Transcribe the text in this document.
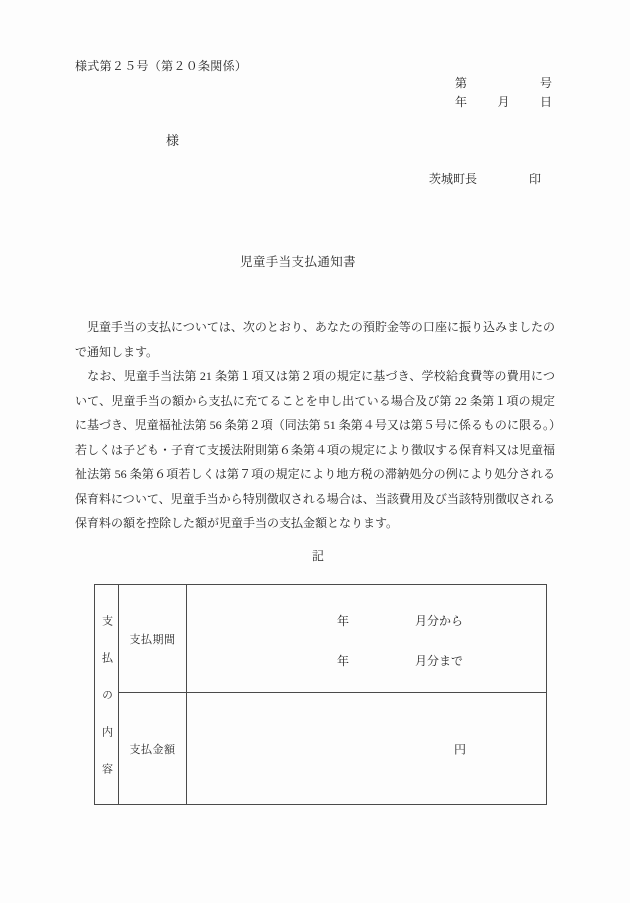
様式第２５号（第２０条関係）
第	号
年	月	日
様
茨城町長	印
児童手当支払通知書

　児童手当の支払については、次のとおり、あなたの預貯金等の口座に振り込みましたので通知します。

　なお、児童手当法第 21 条第１項又は第２項の規定に基づき、学校給食費等の費用について、児童手当の額から支払に充てることを申し出ている場合及び第 22 条第１項の規定に基づき、児童福祉法第 56 条第２項（同法第 51 条第４号又は第５号に係るものに限る。）若しくは子ども・子育て支援法附則第６条第４項の規定により徴収する保育料又は児童福祉法第 56 条第６項若しくは第７項の規定により地方税の滞納処分の例により処分される保育料について、児童手当から特別徴収される場合は、当該費用及び当該特別徴収される保育料の額を控除した額が児童手当の支払金額となります。

記
支払の内容	支払期間
年	月分から
年	月分まで
支払金額	円
